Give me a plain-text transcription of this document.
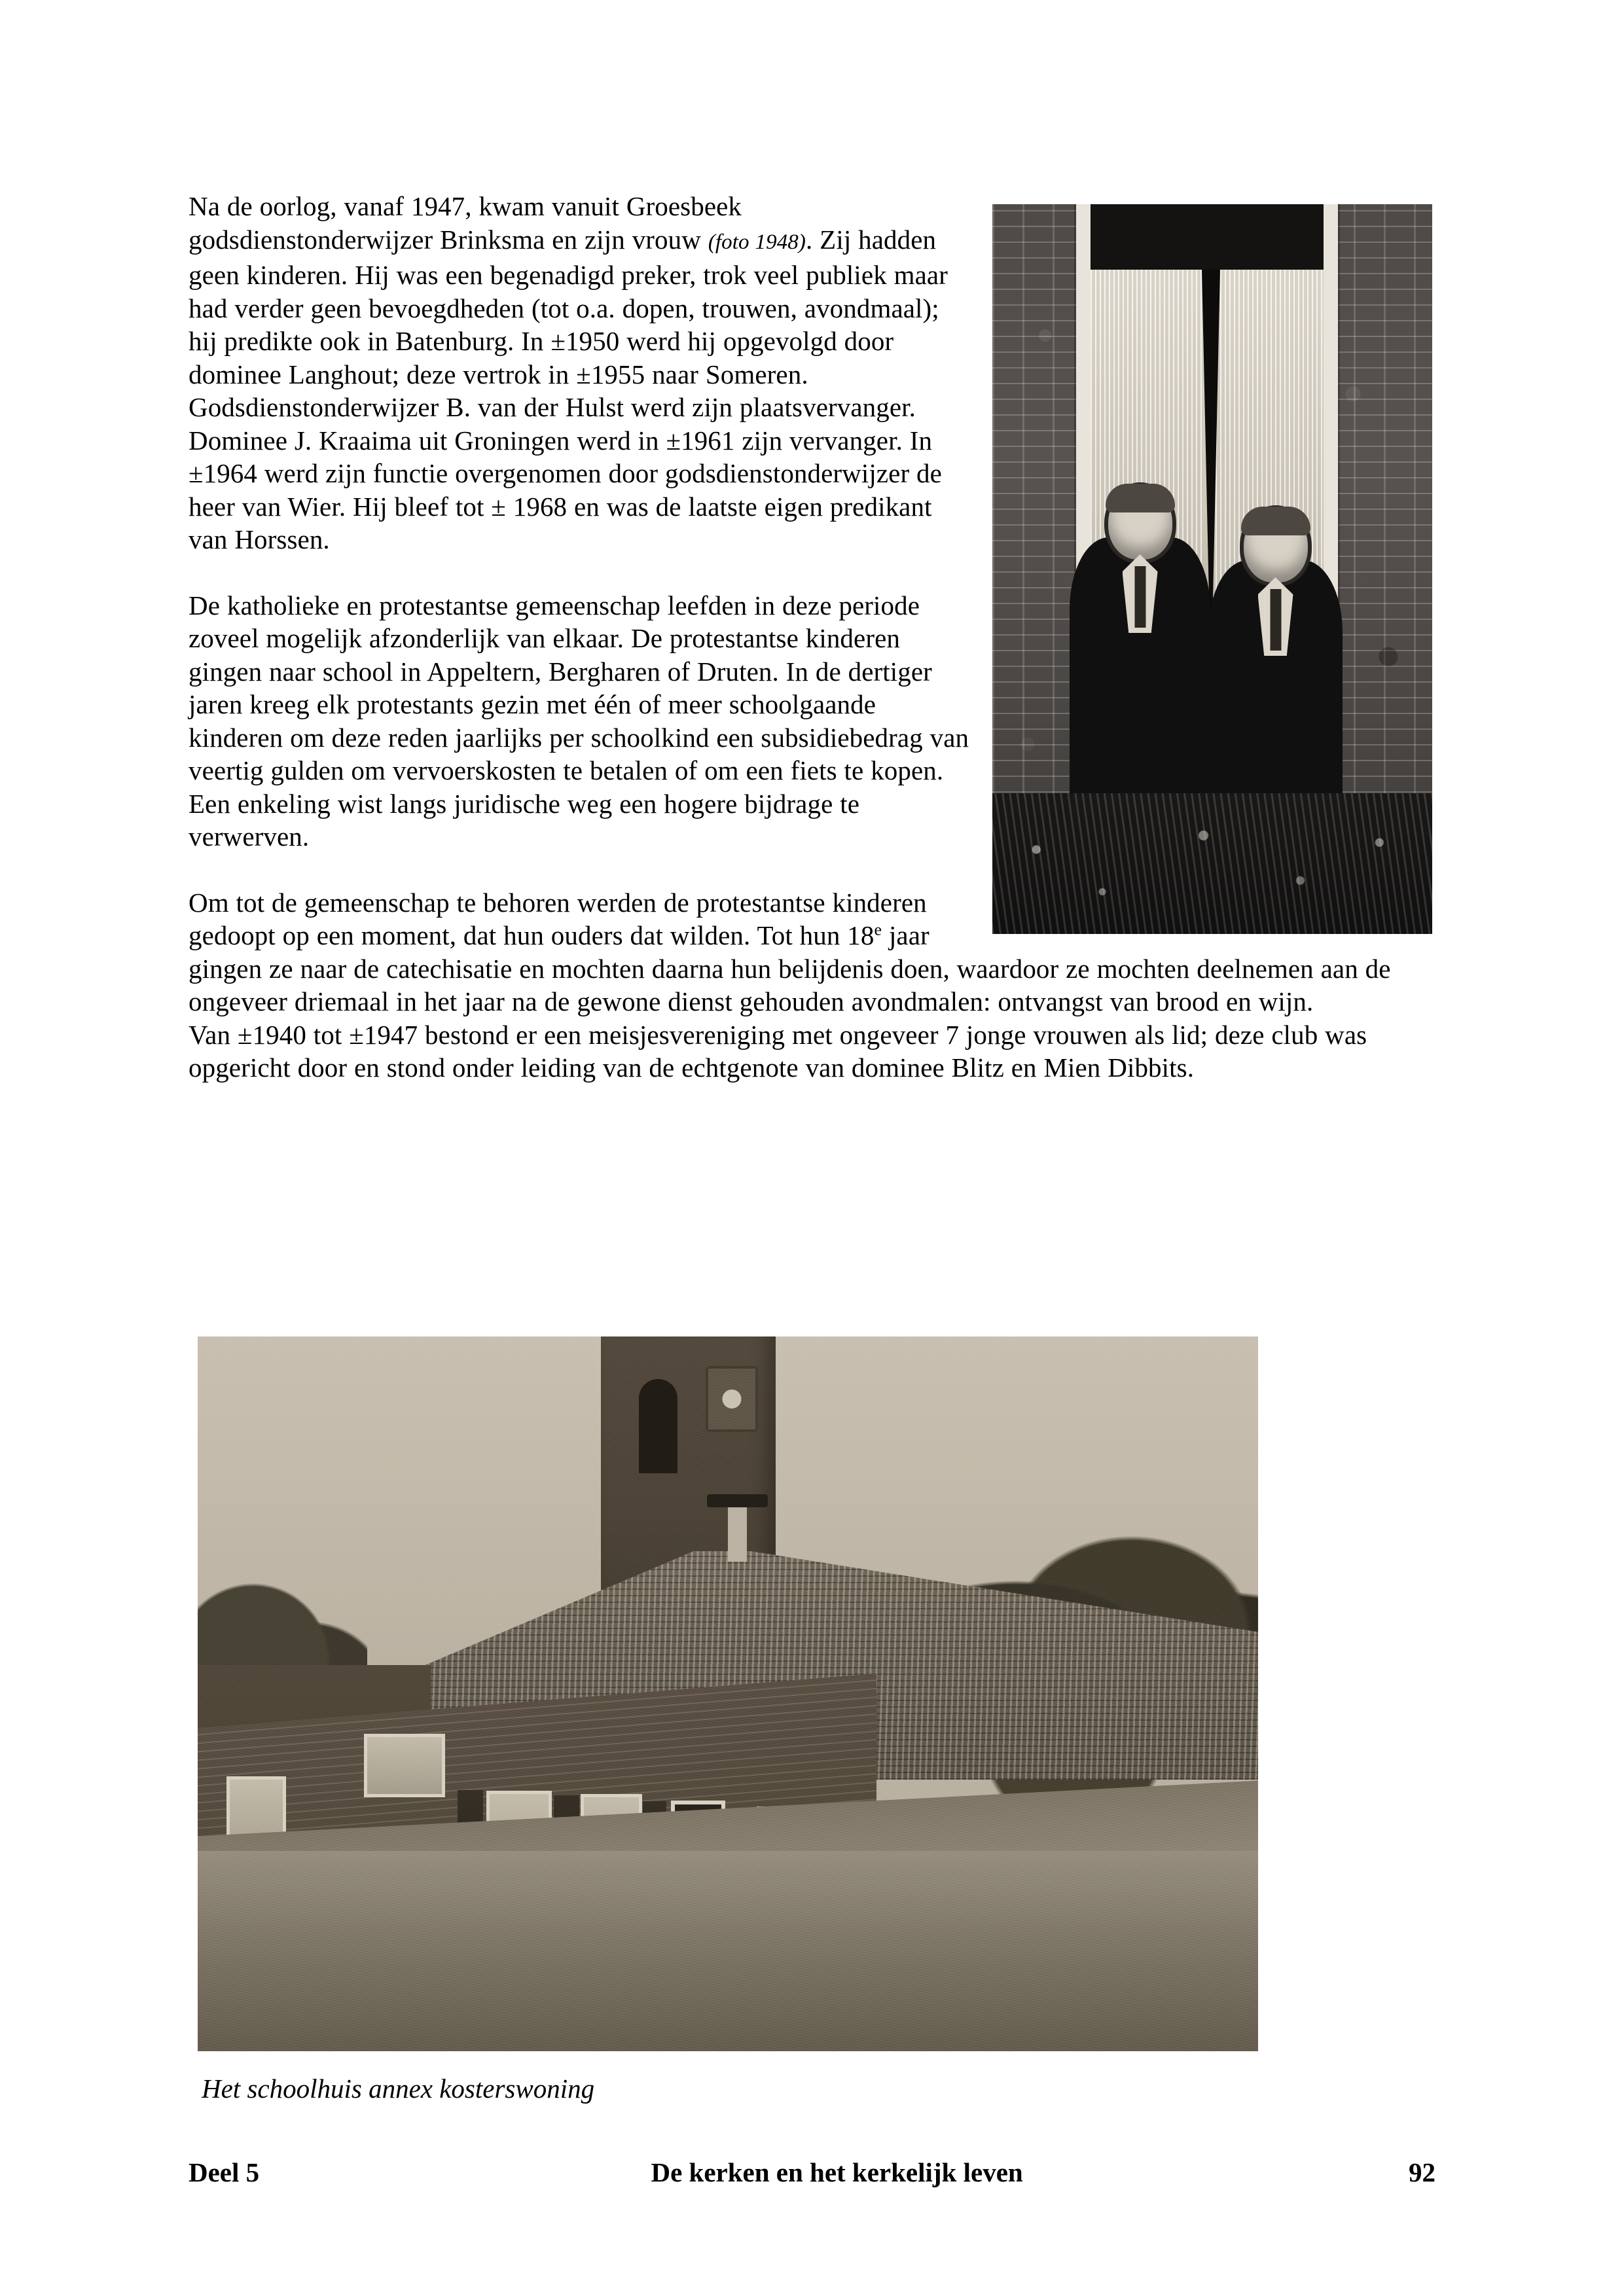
Na de oorlog, vanaf 1947, kwam vanuit Groesbeek godsdienstonderwijzer Brinksma en zijn vrouw (foto 1948). Zij hadden geen kinderen. Hij was een begenadigd preker, trok veel publiek maar had verder geen bevoegdheden (tot o.a. dopen, trouwen, avondmaal); hij predikte ook in Batenburg. In ±1950 werd hij opgevolgd door dominee Langhout; deze vertrok in ±1955 naar Someren. Godsdienstonderwijzer B. van der Hulst werd zijn plaatsvervanger. Dominee J. Kraaima uit Groningen werd in ±1961 zijn vervanger. In ±1964 werd zijn functie overgenomen door godsdienstonderwijzer de heer van Wier. Hij bleef tot ± 1968 en was de laatste eigen predikant van Horssen.

De katholieke en protestantse gemeenschap leefden in deze periode zoveel mogelijk afzonderlijk van elkaar. De protestantse kinderen gingen naar school in Appeltern, Bergharen of Druten. In de dertiger jaren kreeg elk protestants gezin met één of meer schoolgaande kinderen om deze reden jaarlijks per schoolkind een subsidiebedrag van veertig gulden om vervoerskosten te betalen of om een fiets te kopen. Een enkeling wist langs juridische weg een hogere bijdrage te verwerven.

Om tot de gemeenschap te behoren werden de protestantse kinderen gedoopt op een moment, dat hun ouders dat wilden. Tot hun 18e jaar gingen ze naar de catechisatie en mochten daarna hun belijdenis doen, waardoor ze mochten deelnemen aan de ongeveer driemaal in het jaar na de gewone dienst gehouden avondmalen: ontvangst van brood en wijn.

Van ±1940 tot ±1947 bestond er een meisjesvereniging met ongeveer 7 jonge vrouwen als lid; deze club was opgericht door en stond onder leiding van de echtgenote van dominee Blitz en Mien Dibbits.

Het schoolhuis annex kosterswoning
Deel 5	De kerken en het kerkelijk leven	92
